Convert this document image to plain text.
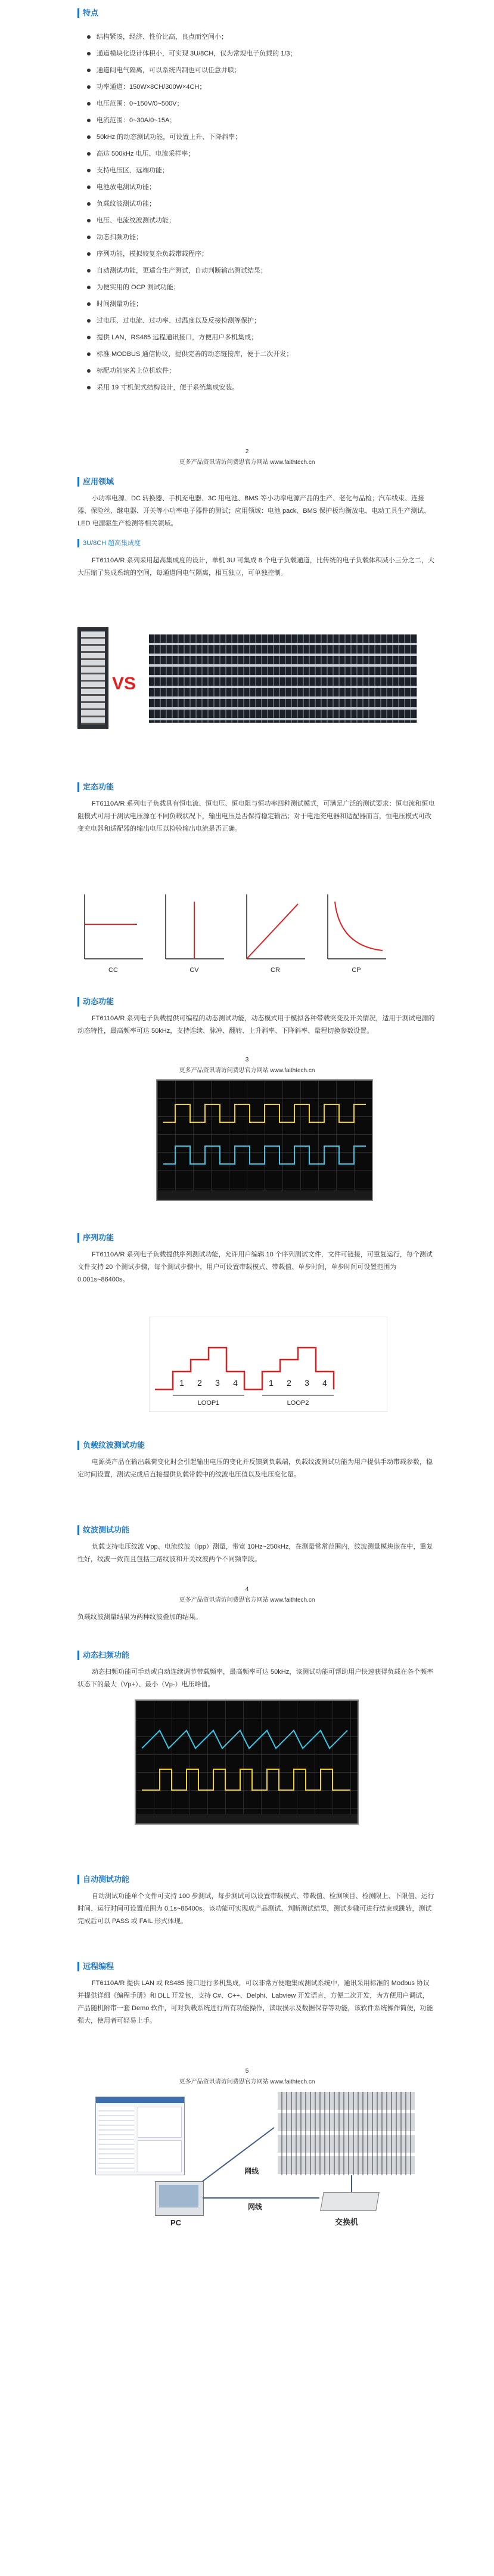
特点
结构紧凑，经济、性价比高，良点而空间小；
通道模块化设计体积小，可实现 3U/8CH，仅为常规电子负载的 1/3；
通道间电气隔离，可以系统内制也可以任意并联；
功率通道：150W×8CH/300W×4CH；
电压范围：0~150V/0~500V；
电流范围：0~30A/0~15A；
50kHz 的动态测试功能，可设置上升、下降斜率；
高达 500kHz 电压、电流采样率；
支持电压区、远端功能；
电池放电测试功能；
负载纹波测试功能；
电压、电流纹波测试功能；
动态扫频功能；
序列功能，模拟较复杂负载带载程序；
自动测试功能，更适合生产测试，自动判断输出测试结果；
为便实用的 OCP 测试功能；
时间测量功能；
过电压、过电流、过功率、过温度以及反接检测等保护；
提供 LAN，RS485 远程通讯接口，方便用户多机集成；
标准 MODBUS 通信协议，提供完善的动态链接库，便于二次开发；
标配功能完善上位机软件；
采用 19 寸机架式结构设计，便于系统集成安装。
2
更多产品资讯请访问费思官方网站 www.faithtech.cn
应用领域
小功率电源、DC 转换器、手机充电器、3C 用电池、BMS 等小功率电源产品的生产、老化与品检；汽车线束、连接器、保险丝、继电器、开关等小功率电子器件的测试；应用领域：电池 pack、BMS 保护板均衡放电、电动工具生产测试、LED 电源驱生产检测等相关领域。
3U/8CH 超高集成度
FT6110A/R 系列采用超高集成度的设计，单机 3U 可集成 8 个电子负载通道，比传统的电子负载体积减小三分之二，大大压缩了集成系统的空间，每通道间电气隔离，相互独立，可单独控制。
VS
定态功能
FT6110A/R 系列电子负载具有恒电流、恒电压、恒电阻与恒功率四种测试模式，可满足广泛的测试要求：恒电流和恒电阻模式可用于测试电压源在不同负载状况下，输出电压是否保持稳定输出；对于电池充电器和适配器而言，恒电压模式可改变充电器和适配器的输出电压以检验输出电流是否正确。
CC	CV	CR	CP
动态功能
FT6110A/R 系列电子负载提供可编程的动态测试功能，动态模式用于模拟各种带载突变及开关情况，适用于测试电源的动态特性，最高频率可达 50kHz，支持连续、脉冲、翻转、上升斜率、下降斜率、量程切换参数设置。
3
更多产品资讯请访问费思官方网站 www.faithtech.cn
序列功能
FT6110A/R 系列电子负载提供序列测试功能，允许用户编辑 10 个序列测试文件，文件可链接，可重复运行，每个测试文件支持 20 个测试步骤，每个测试步骤中，用户可设置带载模式、带载值、单步时间，单步时间可设置范围为 0.001s~86400s。
1 2 3 4	1 2 3 4
LOOP1	LOOP2
负载纹波测试功能
电源类产品在输出载荷变化时会引起输出电压的变化并反馈到负载端，负载纹波测试功能为用户提供手动带载参数，稳定时间设置，测试完成后直接提供负载带载中的纹波电压值以及电压变化量。
纹波测试功能
负载支持电压纹波 Vpp、电流纹波（Ipp）测量，带宽 10Hz~250kHz，在测量常常范围内，纹波测量模块嵌在中，重复性好，纹波一致而且包括三路纹波和开关纹波两个不同频率段。
4
更多产品资讯请访问费思官方网站 www.faithtech.cn
负载纹波测量结果为两种纹波叠加的结果。
动态扫频功能
动态扫频功能可手动或自动连续调节带载频率，最高频率可达 50kHz，该测试功能可帮助用户快速获得负载在各个频率状态下的最大（Vp+）、最小（Vp-）电压峰值。
自动测试功能
自动测试功能单个文件可支持 100 步测试，每步测试可以设置带载模式、带载值、检测项目、检测限上、下限值、运行时间、运行时间可设置范围为 0.1s~86400s。该功能可实现成产品测试、判断测试结果，测试步骤可进行结束或跳转，测试完成后可以 PASS 或 FAIL 形式体现。
远程编程
FT6110A/R 提供 LAN 或 RS485 接口进行多机集成，可以非常方便地集成测试系统中，通讯采用标准的 Modbus 协议并提供详细《编程手册》和 DLL 开发包，支持 C#、C++、Delphi、Labview 开发语言，方便二次开发，为方便用户调试，产品随机附带一套 Demo 软件，可对负载系统进行所有功能操作，读取损示及数据保存等功能，该软件系统操作简便，功能强大，使用者可轻易上手。
5
更多产品资讯请访问费思官方网站 www.faithtech.cn
PC	交换机
网线
网线
